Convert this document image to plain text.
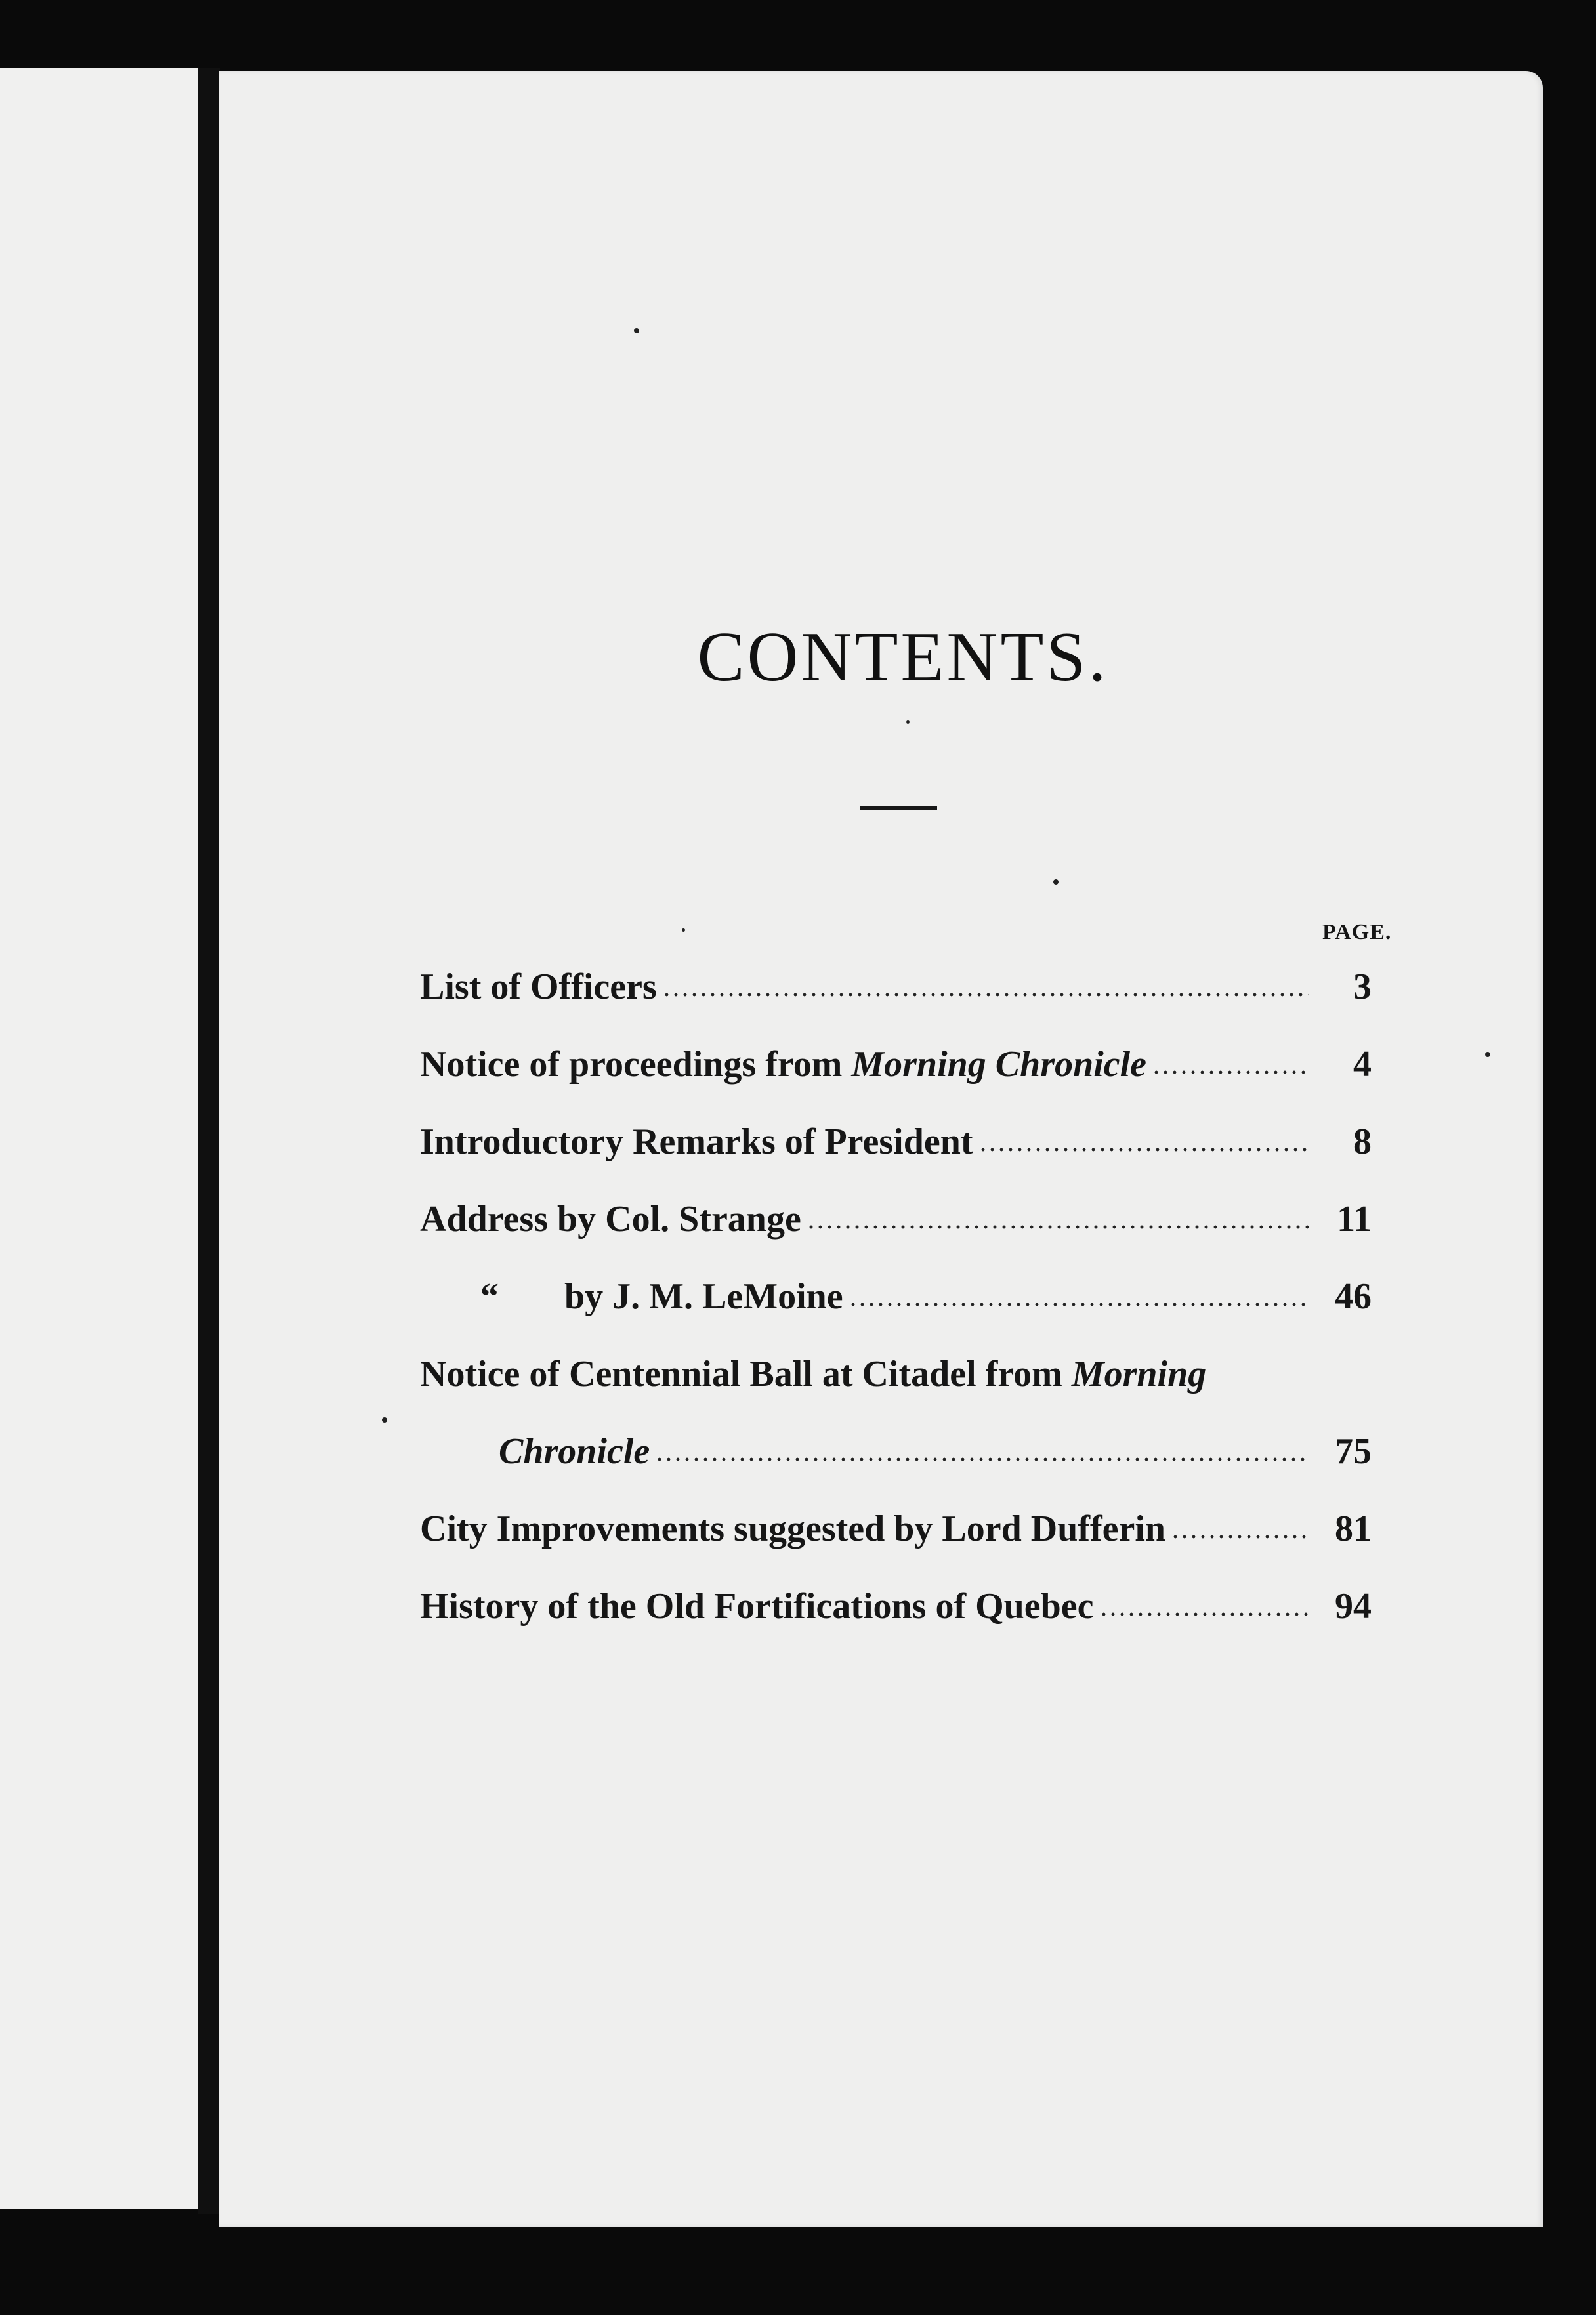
CONTENTS.
PAGE.
List of Officers	3
Notice of proceedings from Morning Chronicle	4
Introductory Remarks of President	8
Address by Col. Strange	11
“ by J. M. LeMoine	46
Notice of Centennial Ball at Citadel from Morning
Chronicle	75
City Improvements suggested by Lord Dufferin	81
History of the Old Fortifications of Quebec	94
